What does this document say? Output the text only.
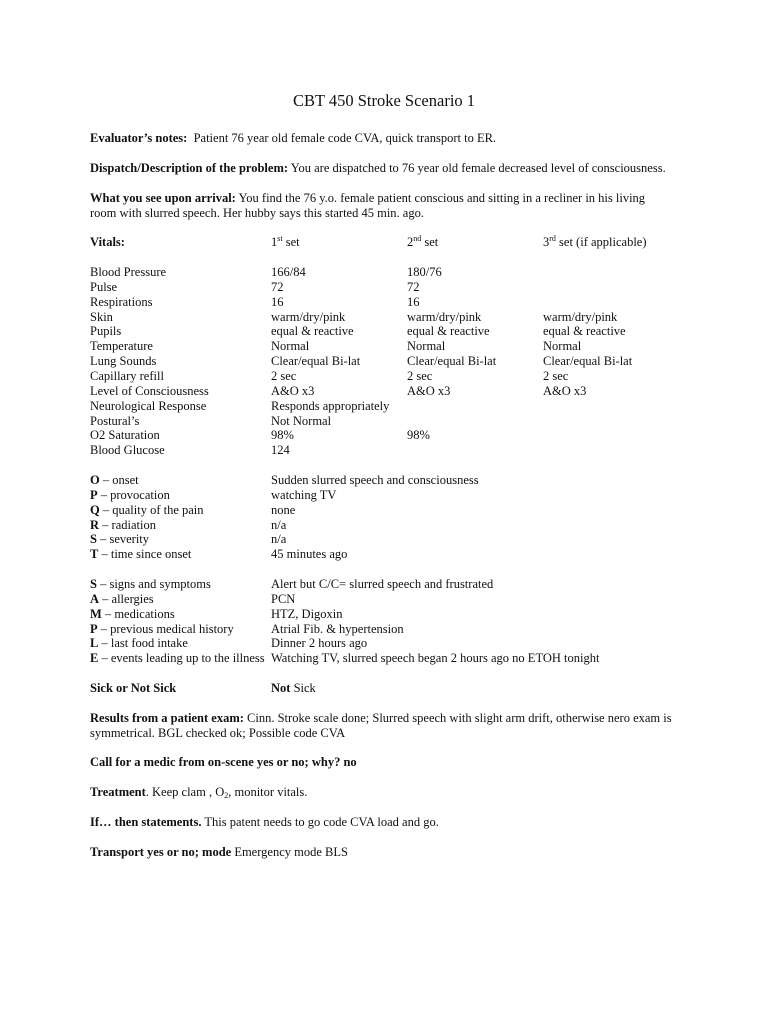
CBT 450 Stroke Scenario 1
Evaluator’s notes: Patient 76 year old female code CVA, quick transport to ER.
Dispatch/Description of the problem: You are dispatched to 76 year old female decreased level of consciousness.
What you see upon arrival: You find the 76 y.o. female patient conscious and sitting in a recliner in his living room with slurred speech. Her hubby says this started 45 min. ago.
Vitals:	1st set	2nd set	3rd set (if applicable)
Blood Pressure	166/84	180/76
Pulse	72	72
Respirations	16	16
Skin	warm/dry/pink	warm/dry/pink	warm/dry/pink
Pupils	equal & reactive	equal & reactive	equal & reactive
Temperature	Normal	Normal	Normal
Lung Sounds	Clear/equal Bi-lat	Clear/equal Bi-lat	Clear/equal Bi-lat
Capillary refill	2 sec	2 sec	2 sec
Level of Consciousness	A&O x3	A&O x3	A&O x3
Neurological Response	Responds appropriately
Postural’s	Not Normal
O2 Saturation	98%	98%
Blood Glucose	124
O – onset	Sudden slurred speech and consciousness
P – provocation	watching TV
Q – quality of the pain	none
R – radiation	n/a
S – severity	n/a
T – time since onset	45 minutes ago
S – signs and symptoms	Alert but C/C= slurred speech and frustrated
A – allergies	PCN
M – medications	HTZ, Digoxin
P – previous medical history	Atrial Fib. & hypertension
L – last food intake	Dinner 2 hours ago
E – events leading up to the illness Watching TV, slurred speech began 2 hours ago no ETOH tonight
Sick or Not Sick	Not Sick
Results from a patient exam: Cinn. Stroke scale done; Slurred speech with slight arm drift, otherwise nero exam is symmetrical. BGL checked ok; Possible code CVA
Call for a medic from on-scene yes or no; why? no
Treatment. Keep clam , $O_2$, monitor vitals.
If… then statements. This patent needs to go code CVA load and go.
Transport yes or no; mode Emergency mode BLS
